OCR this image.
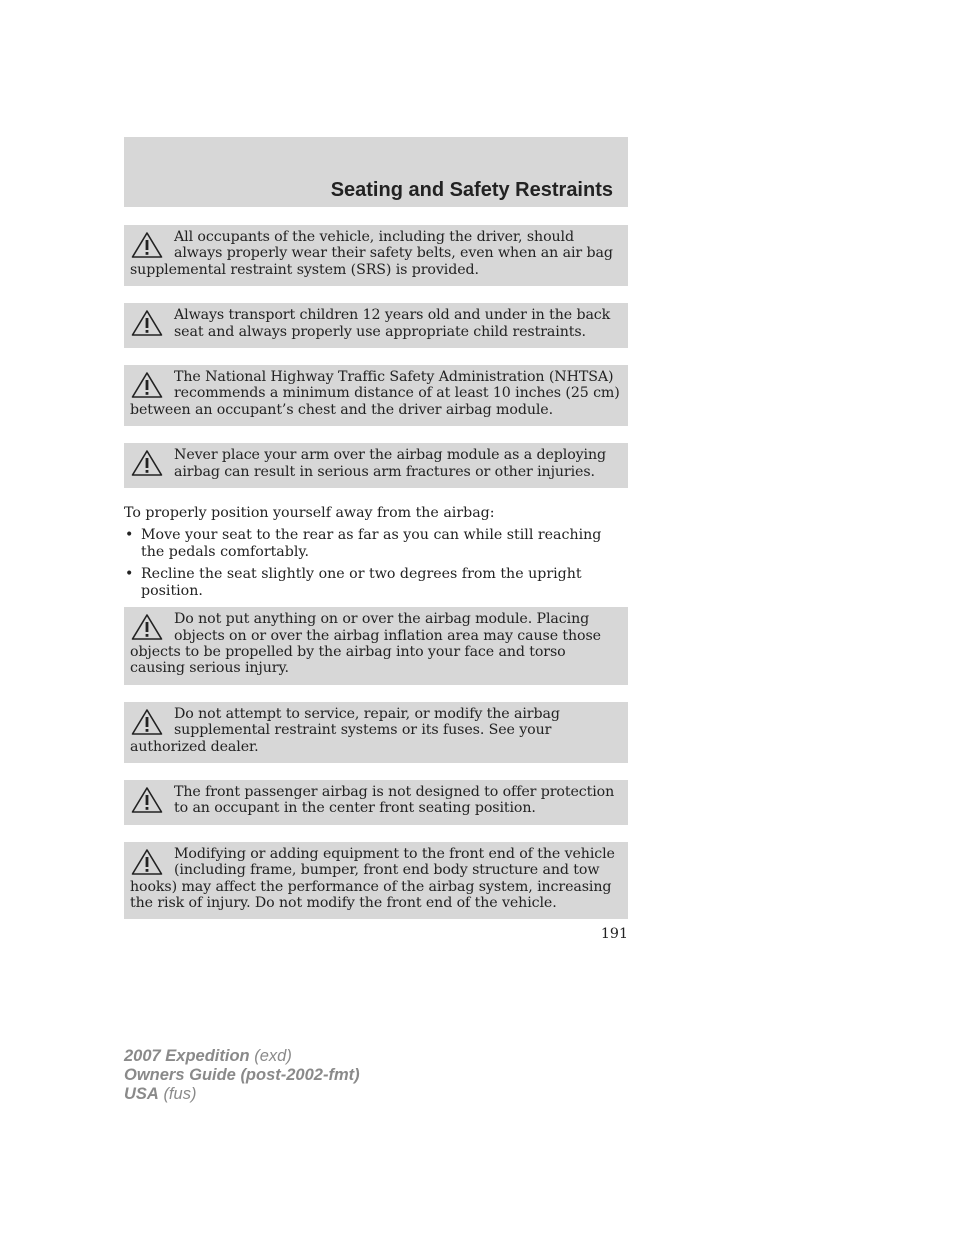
Seating and Safety Restraints
All occupants of the vehicle, including the driver, should always properly wear their safety belts, even when an air bag supplemental restraint system (SRS) is provided.
Always transport children 12 years old and under in the back seat and always properly use appropriate child restraints.
The National Highway Traffic Safety Administration (NHTSA) recommends a minimum distance of at least 10 inches (25 cm) between an occupant’s chest and the driver airbag module.
Never place your arm over the airbag module as a deploying airbag can result in serious arm fractures or other injuries.

To properly position yourself away from the airbag:

• Move your seat to the rear as far as you can while still reaching the pedals comfortably.
• Recline the seat slightly one or two degrees from the upright position.
Do not put anything on or over the airbag module. Placing objects on or over the airbag inflation area may cause those objects to be propelled by the airbag into your face and torso causing serious injury.
Do not attempt to service, repair, or modify the airbag supplemental restraint systems or its fuses. See your authorized dealer.
The front passenger airbag is not designed to offer protection to an occupant in the center front seating position.
Modifying or adding equipment to the front end of the vehicle (including frame, bumper, front end body structure and tow hooks) may affect the performance of the airbag system, increasing the risk of injury. Do not modify the front end of the vehicle.
191
2007 Expedition (exd)
Owners Guide (post-2002-fmt)
USA (fus)
